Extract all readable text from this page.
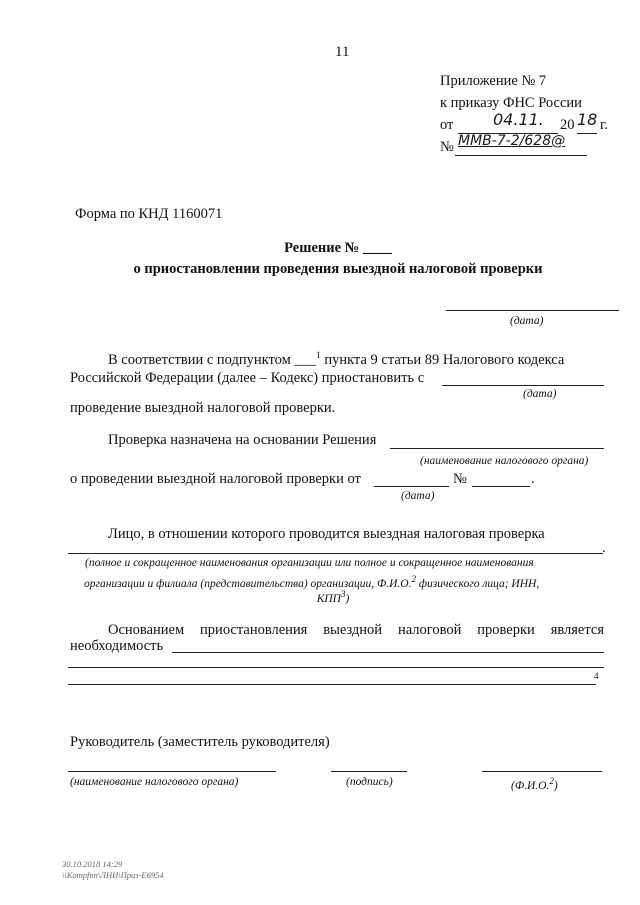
11
Приложение № 7
к приказу ФНС России
от 04.11. 20 18 г.
№ ММВ-7-2/628@
Форма по КНД 1160071
Решение № ____
о приостановлении проведения выездной налоговой проверки
(дата)
В соответствии с подпунктом ___$^1$ пункта 9 статьи 89 Налогового кодекса
Российской Федерации (далее – Кодекс) приостановить с
(дата)
проведение выездной налоговой проверки.
Проверка назначена на основании Решения
(наименование налогового органа)
о проведении выездной налоговой проверки от	№	.
(дата)
Лицо, в отношении которого проводится выездная налоговая проверка
.
(полное и сокращенное наименования организации или полное и сокращенное наименования
организации и филиала (представительства) организации, Ф.И.О.$^2$ физического лица; ИНН,
КПП$^3$)
Основанием приостановления выездной налоговой проверки является
необходимость
4
Руководитель (заместитель руководителя)
(наименование налогового органа)	(подпись)	(Ф.И.О.$^2$)
30.10.2018 14:29
\\Kompfnn\ЛНИ\Приз-Е6954
